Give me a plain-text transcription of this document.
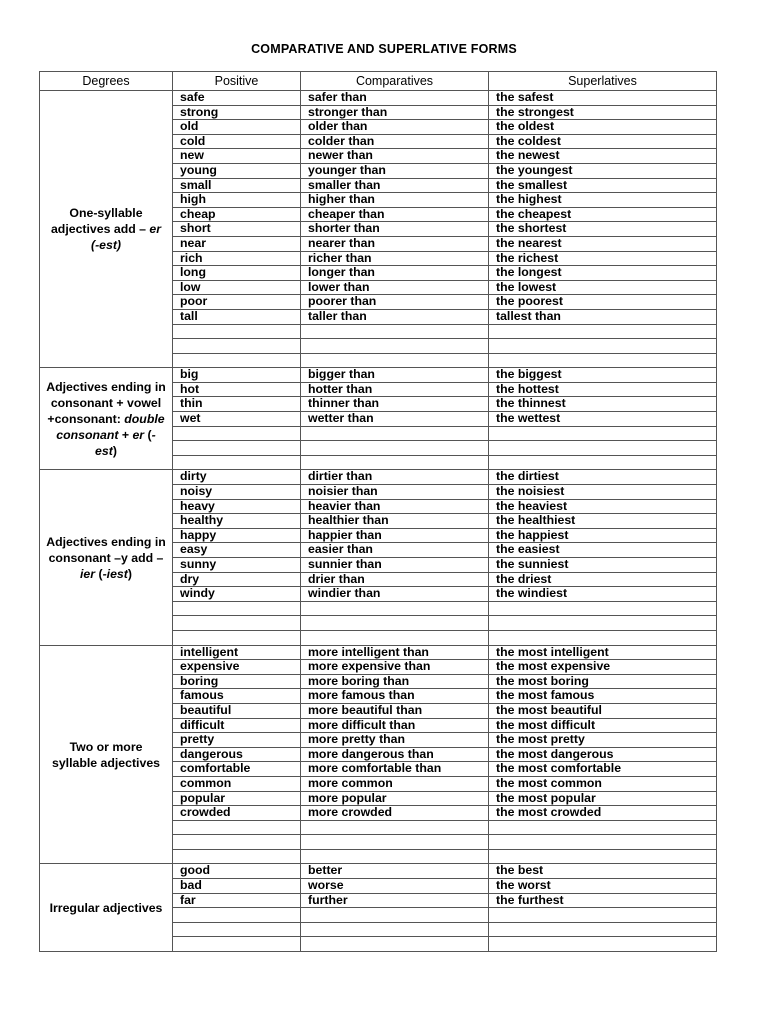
COMPARATIVE AND SUPERLATIVE FORMS
Degrees	Positive	Comparatives	Superlatives
One-syllable adjectives add – er (-est)	safe	safer than	the safest
	strong	stronger than	the strongest
	old	older than	the oldest
	cold	colder than	the coldest
	new	newer than	the newest
	young	younger than	the youngest
	small	smaller than	the smallest
	high	higher than	the highest
	cheap	cheaper than	the cheapest
	short	shorter than	the shortest
	near	nearer than	the nearest
	rich	richer than	the richest
	long	longer than	the longest
	low	lower than	the lowest
	poor	poorer than	the poorest
	tall	taller than	tallest than

Adjectives ending in consonant + vowel +consonant: double consonant + er (-est)	big	bigger than	the biggest
	hot	hotter than	the hottest
	thin	thinner than	the thinnest
	wet	wetter than	the wettest

Adjectives ending in consonant –y add – ier (-iest)	dirty	dirtier than	the dirtiest
	noisy	noisier than	the noisiest
	heavy	heavier than	the heaviest
	healthy	healthier than	the healthiest
	happy	happier than	the happiest
	easy	easier than	the easiest
	sunny	sunnier than	the sunniest
	dry	drier than	the driest
	windy	windier than	the windiest

Two or more syllable adjectives	intelligent	more intelligent than	the most intelligent
	expensive	more expensive than	the most expensive
	boring	more boring than	the most boring
	famous	more famous than	the most famous
	beautiful	more beautiful than	the most beautiful
	difficult	more difficult than	the most difficult
	pretty	more pretty than	the most pretty
	dangerous	more dangerous than	the most dangerous
	comfortable	more comfortable than	the most comfortable
	common	more common	the most common
	popular	more popular	the most popular
	crowded	more crowded	the most crowded

Irregular adjectives	good	better	the best
	bad	worse	the worst
	far	further	the furthest
